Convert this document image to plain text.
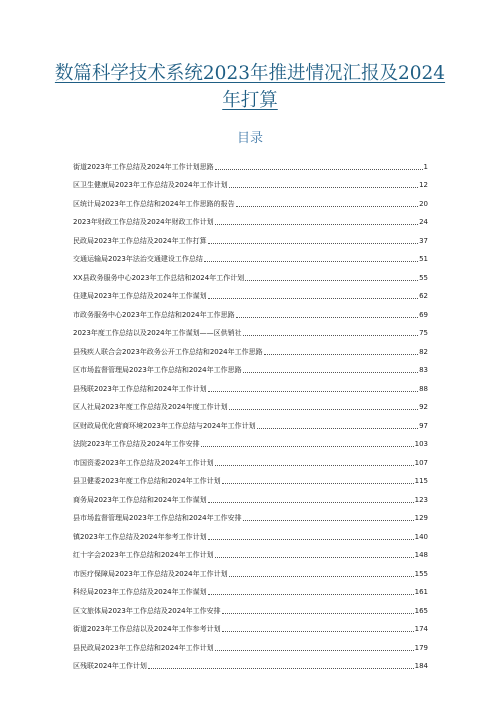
数篇科学技术系统2023年推进情况汇报及2024年打算
目录
街道2023年工作总结及2024年工作计划思路	1
区卫生健康局2023年工作总结及2024年工作计划	12
区统计局2023年工作总结和2024年工作思路的报告	20
2023年财政工作总结及2024年财政工作计划	24
民政局2023年工作总结及2024年工作打算	37
交通运输局2023年法治交通建设工作总结	51
XX县政务服务中心2023年工作总结和2024年工作计划	55
住建局2023年工作总结及2024年工作谋划	62
市政务服务中心2023年工作总结和2024年工作思路	69
2023年度工作总结以及2024年工作谋划——区供销社	75
县残疾人联合会2023年政务公开工作总结和2024年工作思路	82
区市场监督管理局2023年工作总结和2024年工作思路	83
县残联2023年工作总结和2024年工作计划	88
区人社局2023年度工作总结及2024年度工作计划	92
区财政局优化营商环境2023年工作总结与2024年工作计划	97
法院2023年工作总结及2024年工作安排	103
市国资委2023年工作总结及2024年工作计划	107
县卫健委2023年度工作总结和2024年工作计划	115
商务局2023年工作总结和2024年工作谋划	123
县市场监督管理局2023年工作总结和2024年工作安排	129
镇2023年工作总结及2024年参考工作计划	140
红十字会2023年工作总结和2024年工作计划	148
市医疗保障局2023年工作总结及2024年工作计划	155
科经局2023年工作总结及2024年工作谋划	161
区文旅体局2023年工作总结及2024年工作安排	165
街道2023年工作总结以及2024年工作参考计划	174
县民政局2023年工作总结和2024年工作计划	179
区残联2024年工作计划	184
